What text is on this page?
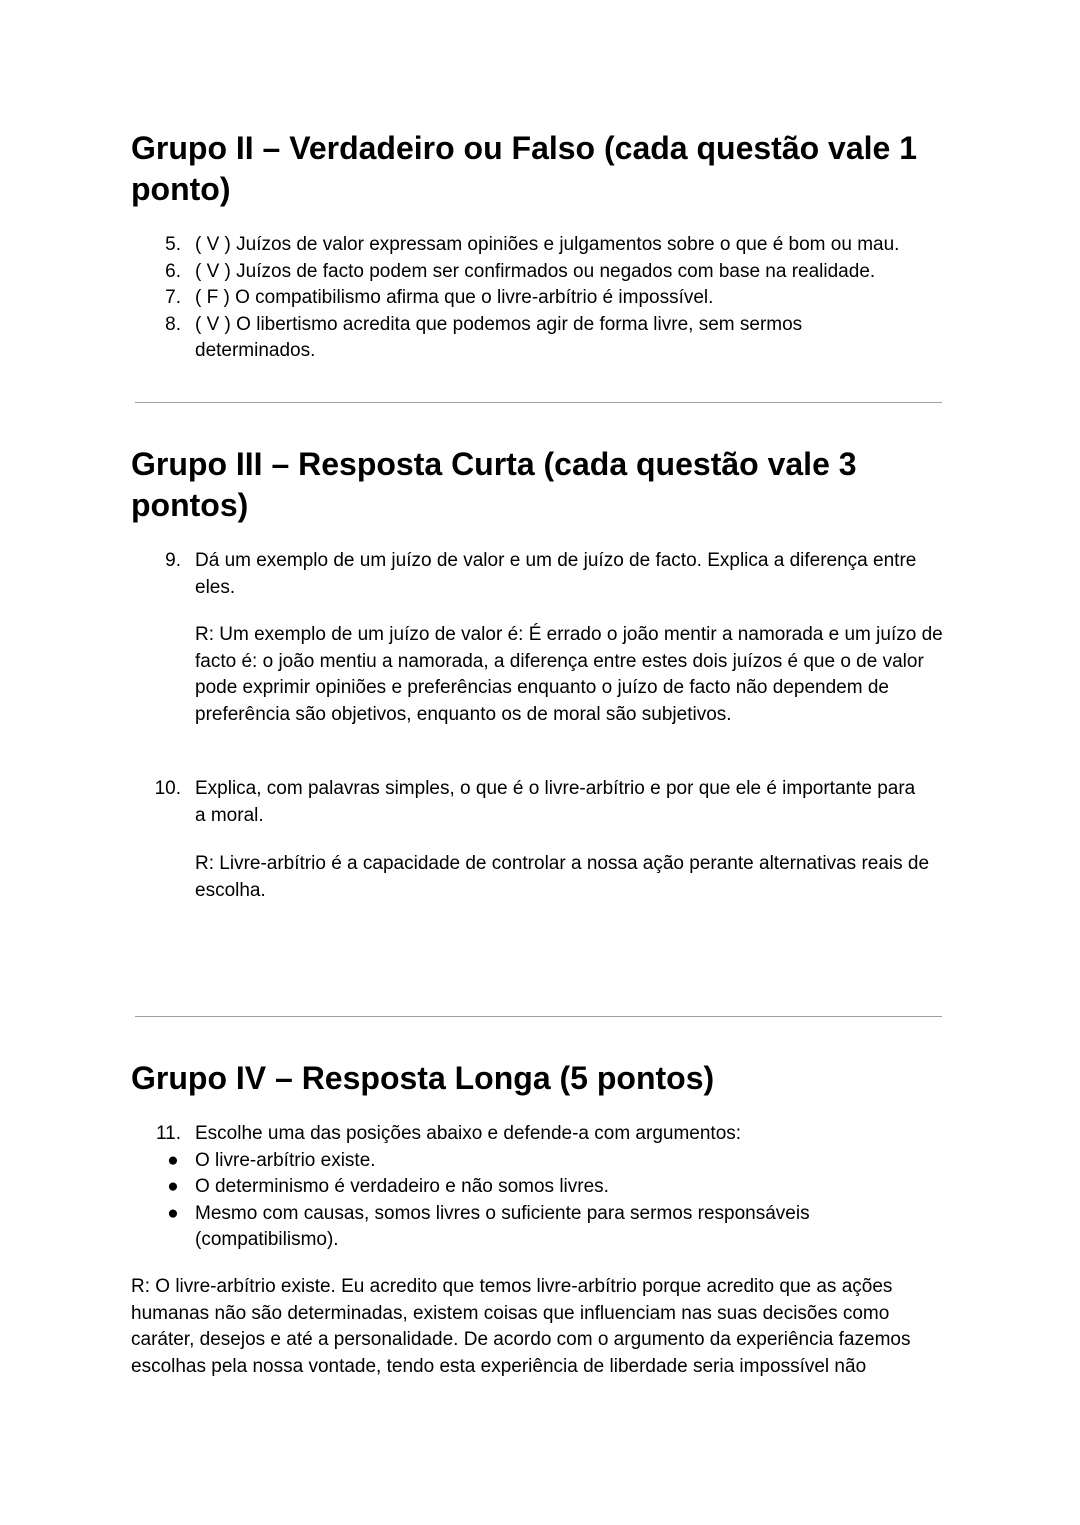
Grupo II – Verdadeiro ou Falso (cada questão vale 1 ponto)
5. ( V ) Juízos de valor expressam opiniões e julgamentos sobre o que é bom ou mau.
6. ( V ) Juízos de facto podem ser confirmados ou negados com base na realidade.
7. ( F ) O compatibilismo afirma que o livre-arbítrio é impossível.
8. ( V ) O libertismo acredita que podemos agir de forma livre, sem sermos determinados.
Grupo III – Resposta Curta (cada questão vale 3 pontos)
9. Dá um exemplo de um juízo de valor e um de juízo de facto. Explica a diferença entre eles.
R: Um exemplo de um juízo de valor é: É errado o joão mentir a namorada e um juízo de facto é: o joão mentiu a namorada, a diferença entre estes dois juízos é que o de valor pode exprimir opiniões e preferências enquanto o juízo de facto não dependem de preferência são objetivos, enquanto os de moral são subjetivos.
10. Explica, com palavras simples, o que é o livre-arbítrio e por que ele é importante para a moral.
R: Livre-arbítrio é a capacidade de controlar a nossa ação perante alternativas reais de escolha.
Grupo IV – Resposta Longa (5 pontos)
11. Escolhe uma das posições abaixo e defende-a com argumentos:
● O livre-arbítrio existe.
● O determinismo é verdadeiro e não somos livres.
● Mesmo com causas, somos livres o suficiente para sermos responsáveis (compatibilismo).
R: O livre-arbítrio existe. Eu acredito que temos livre-arbítrio porque acredito que as ações humanas não são determinadas, existem coisas que influenciam nas suas decisões como caráter, desejos e até a personalidade. De acordo com o argumento da experiência fazemos escolhas pela nossa vontade, tendo esta experiência de liberdade seria impossível não
